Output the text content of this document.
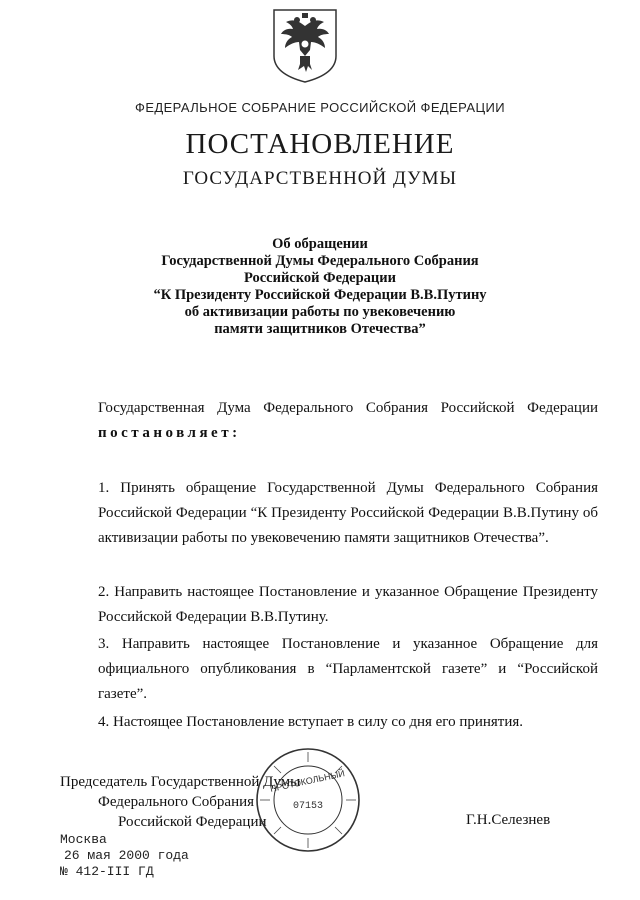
ФЕДЕРАЛЬНОЕ СОБРАНИЕ РОССИЙСКОЙ ФЕДЕРАЦИИ
ПОСТАНОВЛЕНИЕ
ГОСУДАРСТВЕННОЙ ДУМЫ
Об обращении
Государственной Думы Федерального Собрания
Российской Федерации
“К Президенту Российской Федерации В.В.Путину
об активизации работы по увековечению
памяти защитников Отечества”
Государственная Дума Федерального Собрания Российской Федерации постановляет:
1. Принять обращение Государственной Думы Федерального Собрания Российской Федерации “К Президенту Российской Федерации В.В.Путину об активизации работы по увековечению памяти защитников Отечества”.
2. Направить настоящее Постановление и указанное Обращение Президенту Российской Федерации В.В.Путину.
3. Направить настоящее Постановление и указанное Обращение для официального опубликования в “Парламентской газете” и “Российской газете”.
4. Настоящее Постановление вступает в силу со дня его принятия.
Председатель Государственной Думы
Федерального Собрания
Российской Федерации	Г.Н.Селезнев
Москва
26 мая 2000 года
№ 412-III ГД
ПРОТОКОЛЬНЫЙ
07153
